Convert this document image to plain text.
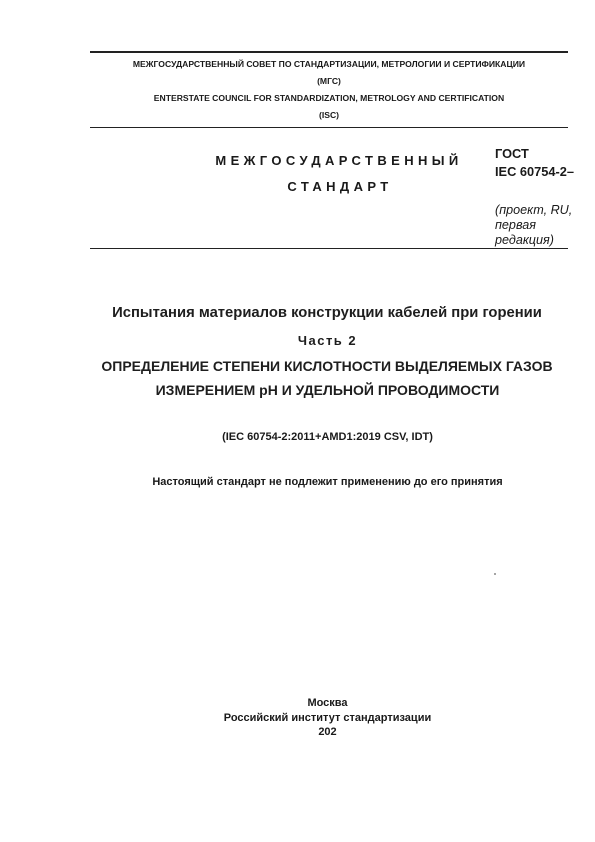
МЕЖГОСУДАРСТВЕННЫЙ СОВЕТ ПО СТАНДАРТИЗАЦИИ, МЕТРОЛОГИИ И СЕРТИФИКАЦИИ
(МГС)
ENTERSTATE COUNCIL FOR STANDARDIZATION, METROLOGY AND CERTIFICATION
(ISC)
МЕЖГОСУДАРСТВЕННЫЙ
СТАНДАРТ
ГОСТ
IEC 60754-2–
(проект, RU,
первая
редакция)
Испытания материалов конструкции кабелей при горении
Часть 2
ОПРЕДЕЛЕНИЕ СТЕПЕНИ КИСЛОТНОСТИ ВЫДЕЛЯЕМЫХ ГАЗОВ
ИЗМЕРЕНИЕМ рН И УДЕЛЬНОЙ ПРОВОДИМОСТИ
(IEC 60754-2:2011+AMD1:2019 CSV, IDT)
Настоящий стандарт не подлежит применению до его принятия
Москва
Российский институт стандартизации
202
